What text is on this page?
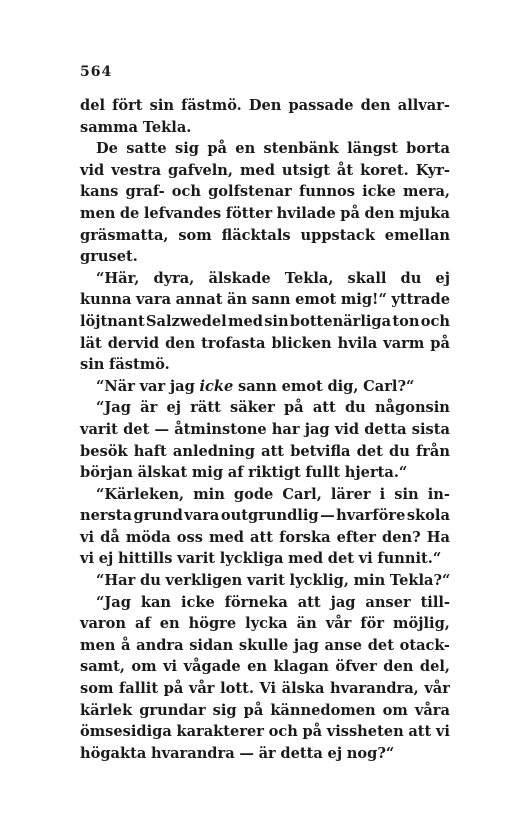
564
del fört sin fästmö. Den passade den allvar-
samma Tekla.
De satte sig på en stenbänk längst borta
vid vestra gafveln, med utsigt åt koret. Kyr-
kans graf- och golfstenar funnos icke mera,
men de lefvandes fötter hvilade på den mjuka
gräsmatta, som fläcktals uppstack emellan
gruset.
“Här, dyra, älskade Tekla, skall du ej
kunna vara annat än sann emot mig!“ yttrade
löjtnant Salzwedel med sin bottenärliga ton och
lät dervid den trofasta blicken hvila varm på
sin fästmö.
“När var jag icke sann emot dig, Carl?“
“Jag är ej rätt säker på att du någonsin
varit det — åtminstone har jag vid detta sista
besök haft anledning att betvifla det du från
början älskat mig af riktigt fullt hjerta.“
“Kärleken, min gode Carl, lärer i sin in-
nersta grund vara outgrundlig — hvarföre skola
vi då möda oss med att forska efter den? Ha
vi ej hittills varit lyckliga med det vi funnit.“
“Har du verkligen varit lycklig, min Tekla?“
“Jag kan icke förneka att jag anser till-
varon af en högre lycka än vår för möjlig,
men å andra sidan skulle jag anse det otack-
samt, om vi vågade en klagan öfver den del,
som fallit på vår lott. Vi älska hvarandra, vår
kärlek grundar sig på kännedomen om våra
ömsesidiga karakterer och på vissheten att vi
högakta hvarandra — är detta ej nog?“
